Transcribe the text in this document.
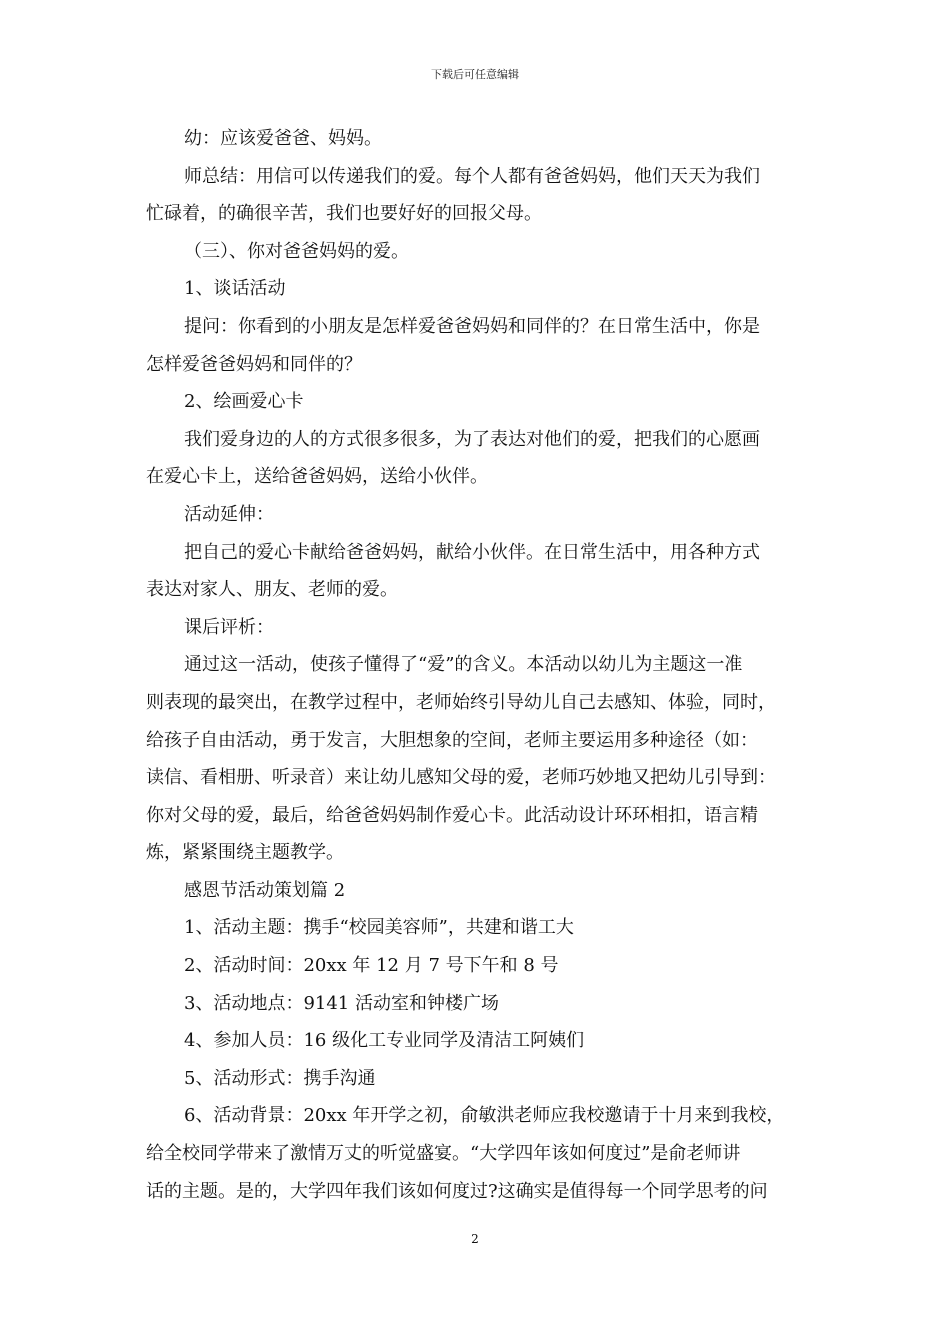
下载后可任意编辑
幼：应该爱爸爸、妈妈。
师总结：用信可以传递我们的爱。每个人都有爸爸妈妈，他们天天为我们
忙碌着，的确很辛苦，我们也要好好的回报父母。
（三）、你对爸爸妈妈的爱。
1、谈话活动
提问：你看到的小朋友是怎样爱爸爸妈妈和同伴的？在日常生活中，你是
怎样爱爸爸妈妈和同伴的？
2、绘画爱心卡
我们爱身边的人的方式很多很多，为了表达对他们的爱，把我们的心愿画
在爱心卡上，送给爸爸妈妈，送给小伙伴。
活动延伸：
把自己的爱心卡献给爸爸妈妈，献给小伙伴。在日常生活中，用各种方式
表达对家人、朋友、老师的爱。
课后评析：
通过这一活动，使孩子懂得了“爱”的含义。本活动以幼儿为主题这一准
则表现的最突出，在教学过程中，老师始终引导幼儿自己去感知、体验，同时，
给孩子自由活动，勇于发言，大胆想象的空间，老师主要运用多种途径（如：
读信、看相册、听录音）来让幼儿感知父母的爱，老师巧妙地又把幼儿引导到：
你对父母的爱，最后，给爸爸妈妈制作爱心卡。此活动设计环环相扣，语言精
炼，紧紧围绕主题教学。
感恩节活动策划篇 2
1、活动主题：携手“校园美容师”，共建和谐工大
2、活动时间：20xx 年 12 月 7 号下午和 8 号
3、活动地点：9141 活动室和钟楼广场
4、参加人员：16 级化工专业同学及清洁工阿姨们
5、活动形式：携手沟通
6、活动背景：20xx 年开学之初，俞敏洪老师应我校邀请于十月来到我校，
给全校同学带来了激情万丈的听觉盛宴。“大学四年该如何度过”是俞老师讲
话的主题。是的，大学四年我们该如何度过?这确实是值得每一个同学思考的问
2
